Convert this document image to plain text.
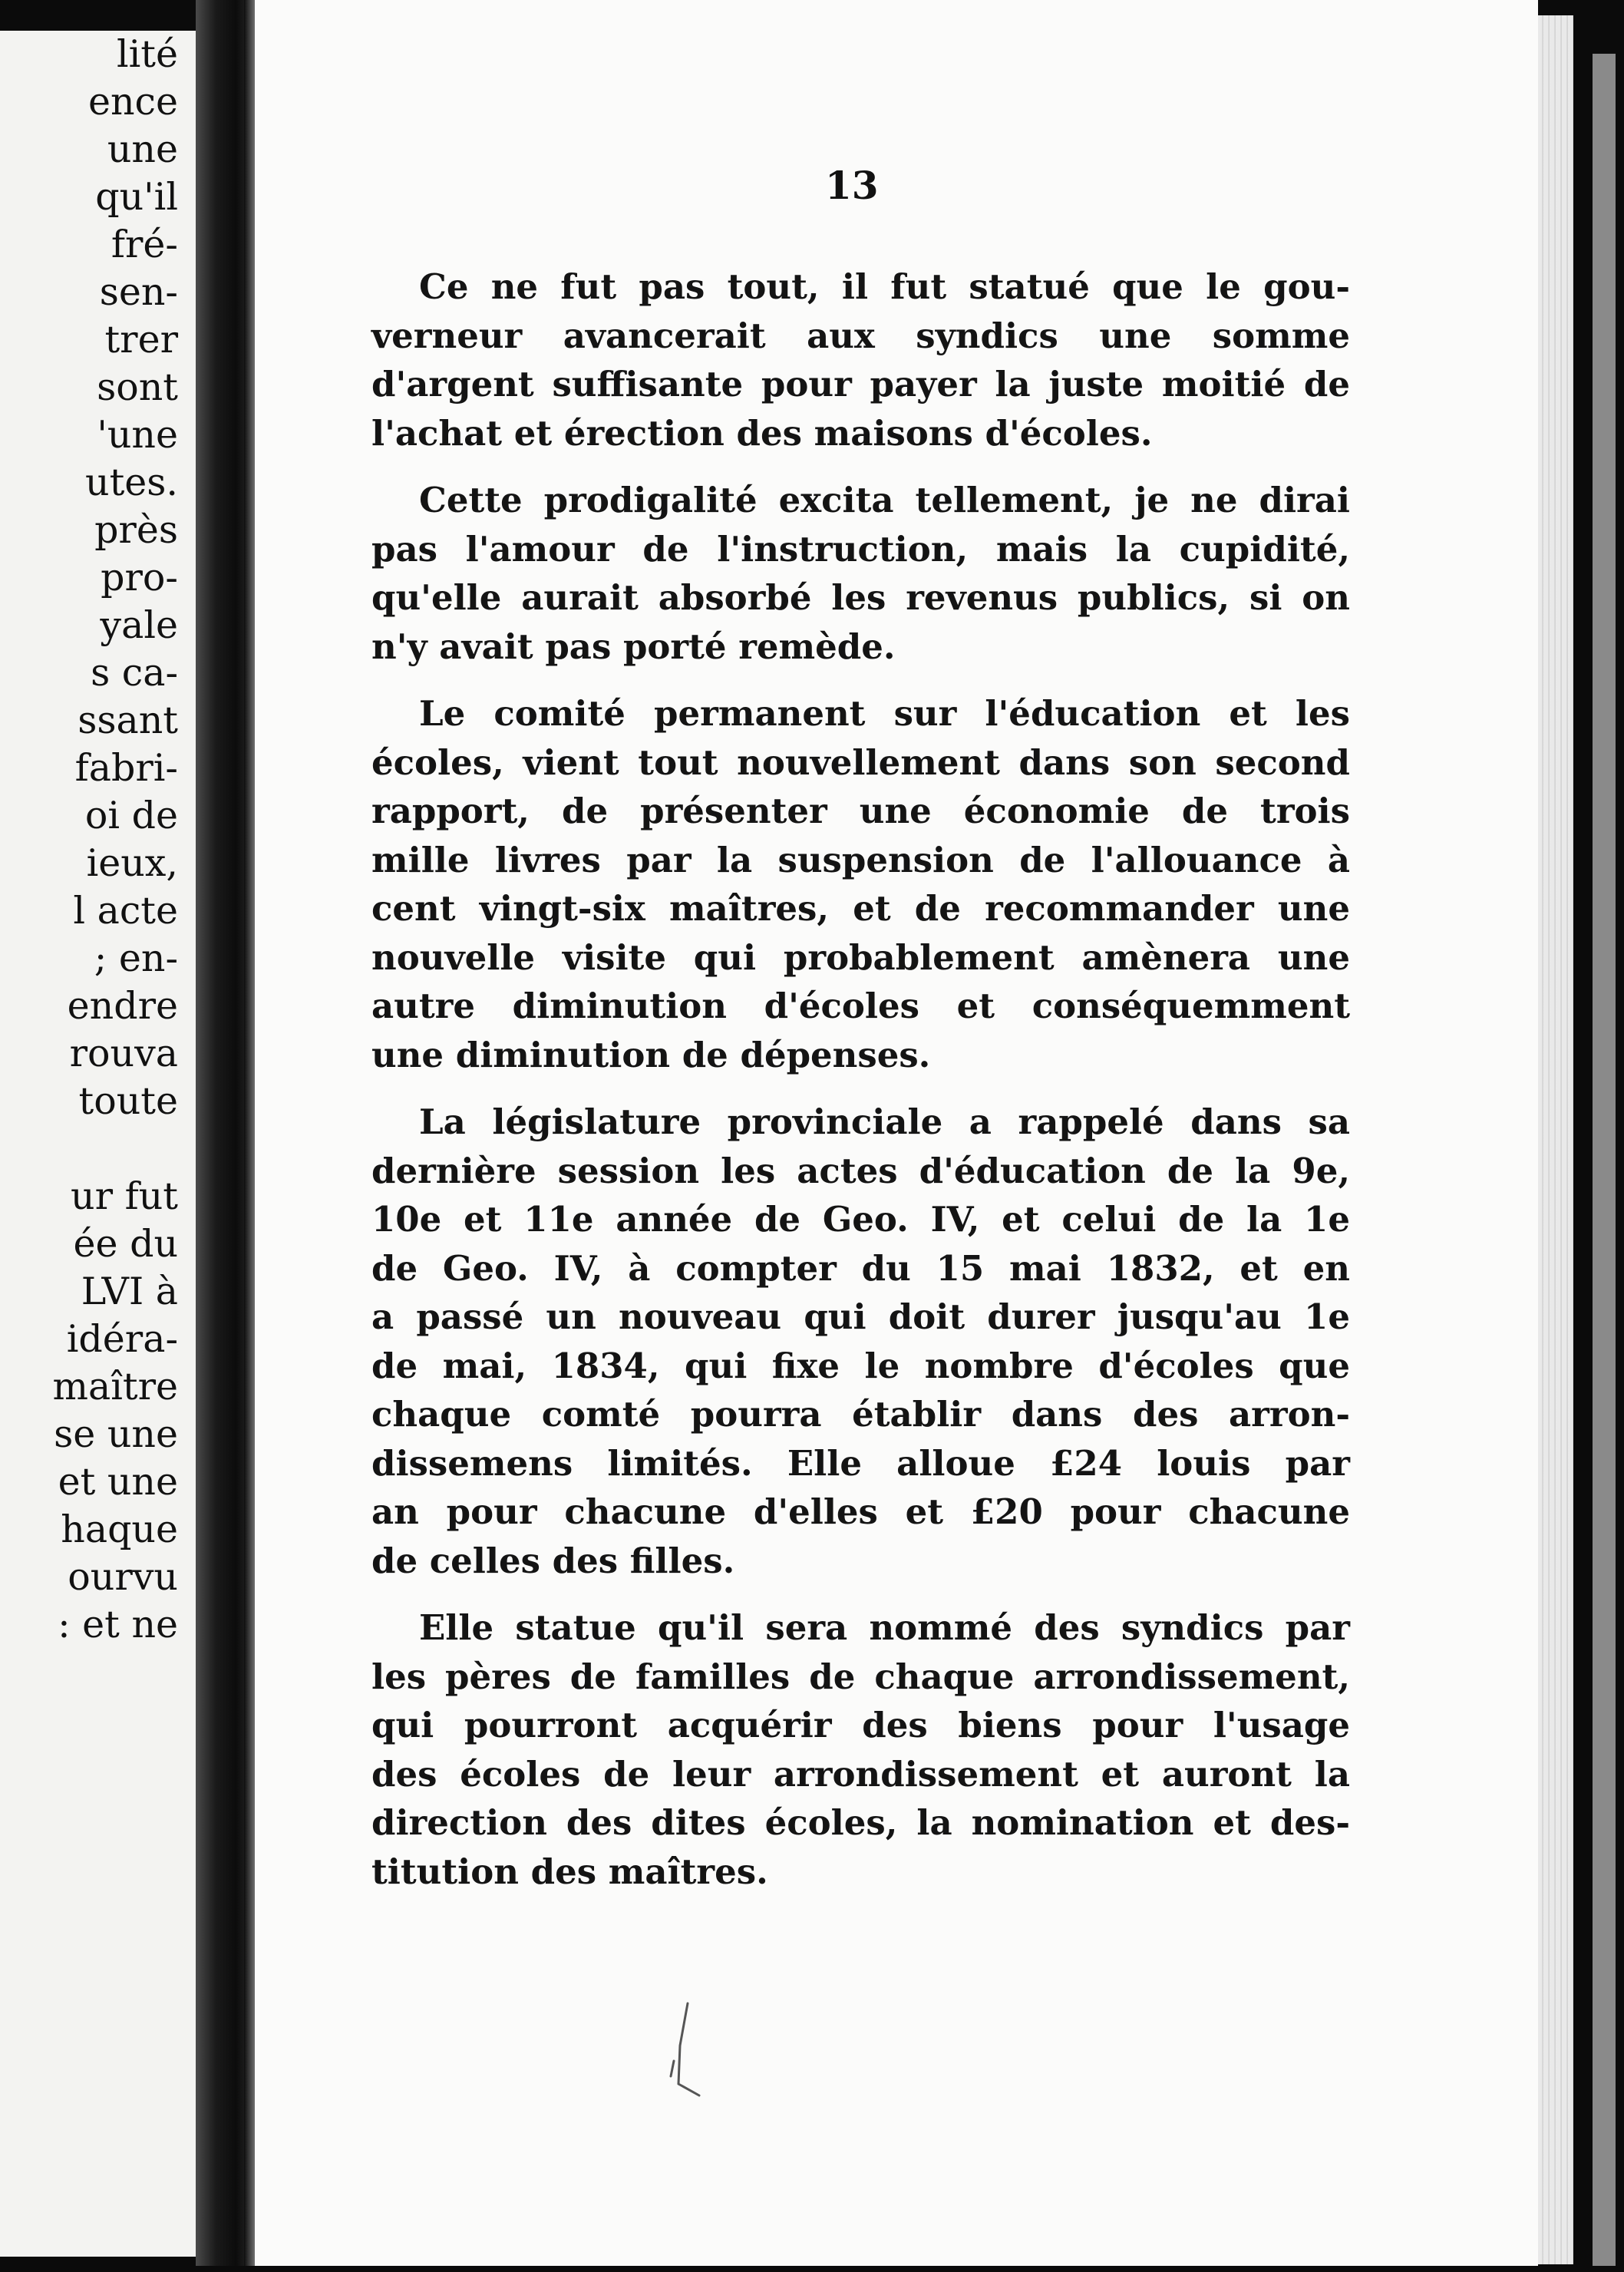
lité
ence
une
qu'il
fré-
sen-
trer
sont
'une
utes.
près
pro-
yale
s ca-
ssant
fabri-
oi de
ieux,
l acte
; en-
endre
rouva
toute
ur fut
ée du
LVI à
idéra-
maître
se une
et une
haque
ourvu
: et ne
13
Ce ne fut pas tout, il fut statué que le gou-
verneur avancerait aux syndics une somme
d'argent suffisante pour payer la juste moitié de
l'achat et érection des maisons d'écoles.
Cette prodigalité excita tellement, je ne dirai
pas l'amour de l'instruction, mais la cupidité,
qu'elle aurait absorbé les revenus publics, si on
n'y avait pas porté remède.
Le comité permanent sur l'éducation et les
écoles, vient tout nouvellement dans son second
rapport, de présenter une économie de trois
mille livres par la suspension de l'allouance à
cent vingt-six maîtres, et de recommander une
nouvelle visite qui probablement amènera une
autre diminution d'écoles et conséquemment
une diminution de dépenses.
La législature provinciale a rappelé dans sa
dernière session les actes d'éducation de la 9e,
10e et 11e année de Geo. IV, et celui de la 1e
de Geo. IV, à compter du 15 mai 1832, et en
a passé un nouveau qui doit durer jusqu'au 1e
de mai, 1834, qui fixe le nombre d'écoles que
chaque comté pourra établir dans des arron-
dissemens limités. Elle alloue £24 louis par
an pour chacune d'elles et £20 pour chacune
de celles des filles.
Elle statue qu'il sera nommé des syndics par
les pères de familles de chaque arrondissement,
qui pourront acquérir des biens pour l'usage
des écoles de leur arrondissement et auront la
direction des dites écoles, la nomination et des-
titution des maîtres.
